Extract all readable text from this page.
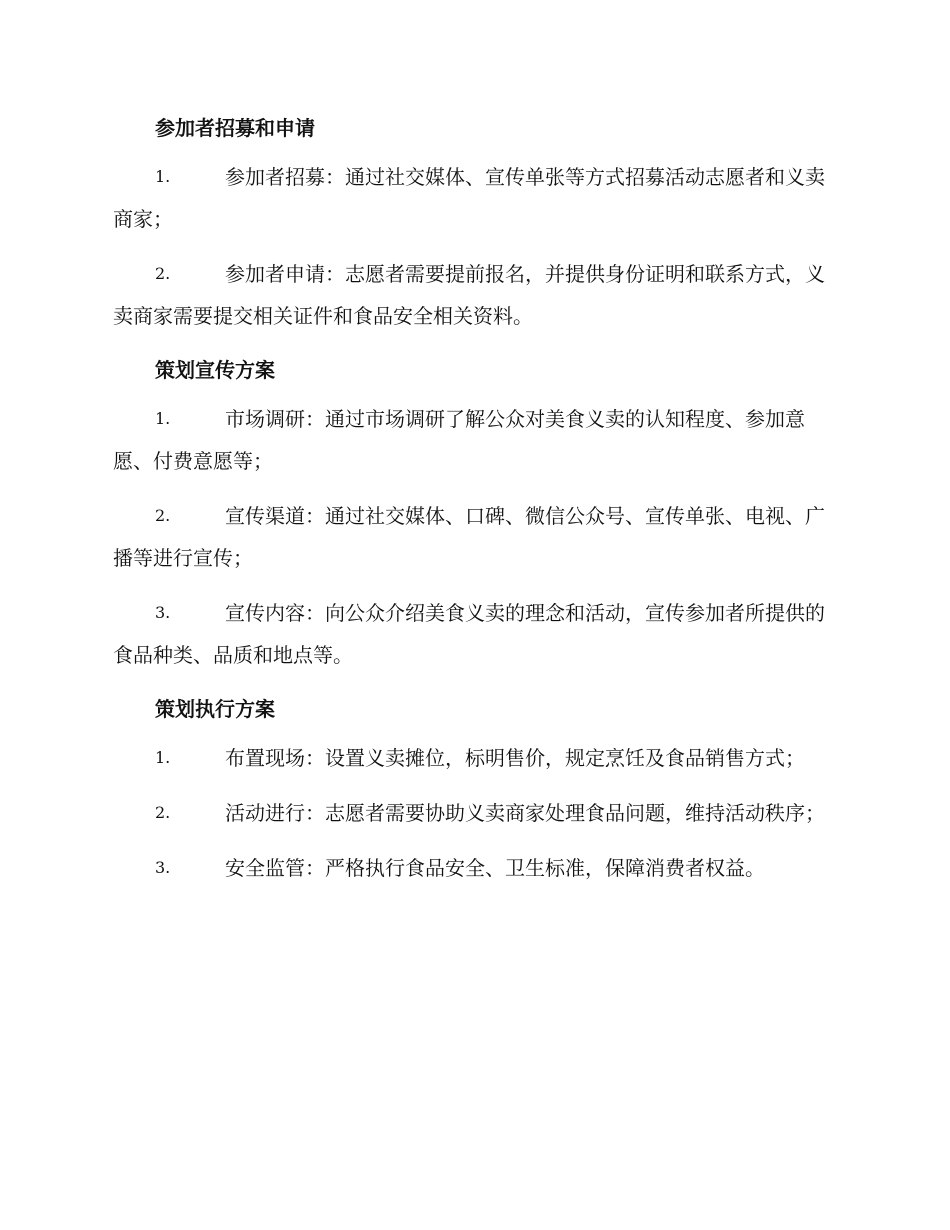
参加者招募和申请
1.	参加者招募：通过社交媒体、宣传单张等方式招募活动志愿者和义卖商家；
2.	参加者申请：志愿者需要提前报名，并提供身份证明和联系方式，义卖商家需要提交相关证件和食品安全相关资料。
策划宣传方案
1.	市场调研：通过市场调研了解公众对美食义卖的认知程度、参加意愿、付费意愿等；
2.	宣传渠道：通过社交媒体、口碑、微信公众号、宣传单张、电视、广播等进行宣传；
3.	宣传内容：向公众介绍美食义卖的理念和活动，宣传参加者所提供的食品种类、品质和地点等。
策划执行方案
1.	布置现场：设置义卖摊位，标明售价，规定烹饪及食品销售方式；
2.	活动进行：志愿者需要协助义卖商家处理食品问题，维持活动秩序；
3.	安全监管：严格执行食品安全、卫生标准，保障消费者权益。
